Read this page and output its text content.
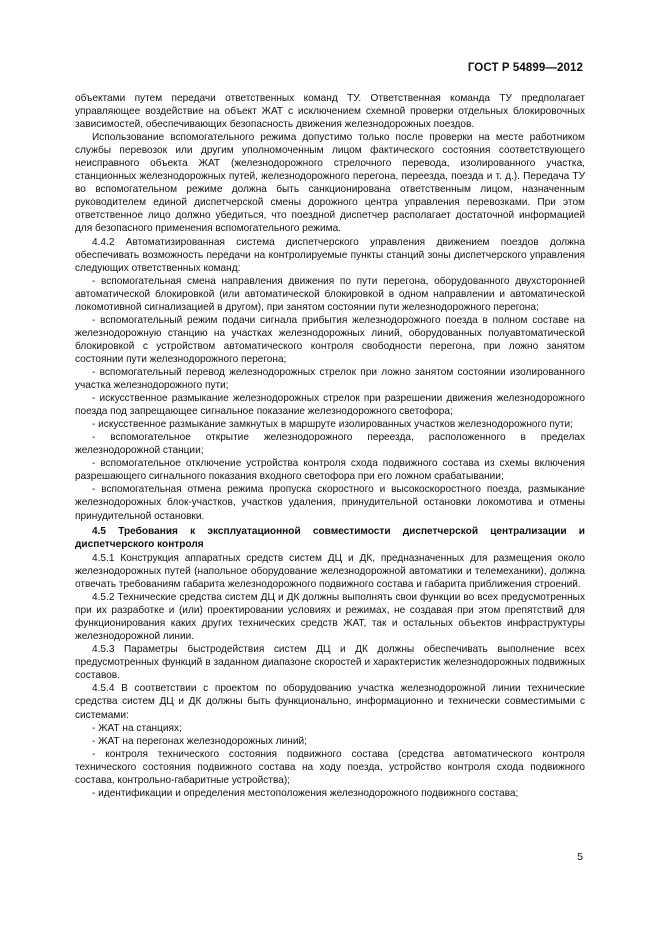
ГОСТ Р 54899—2012

объектами путем передачи ответственных команд ТУ. Ответственная команда ТУ предполагает управляющее воздействие на объект ЖАТ с исключением схемной проверки отдельных блокировочных зависимостей, обеспечивающих безопасность движения железнодорожных поездов.

Использование вспомогательного режима допустимо только после проверки на месте работником службы перевозок или другим уполномоченным лицом фактического состояния соответствующего неисправного объекта ЖАТ (железнодорожного стрелочного перевода, изолированного участка, станционных железнодорожных путей, железнодорожного перегона, переезда, поезда и т. д.). Передача ТУ во вспомогательном режиме должна быть санкционирована ответственным лицом, назначенным руководителем единой диспетчерской смены дорожного центра управления перевозками. При этом ответственное лицо должно убедиться, что поездной диспетчер располагает достаточной информацией для безопасного применения вспомогательного режима.

4.4.2 Автоматизированная система диспетчерского управления движением поездов должна обеспечивать возможность передачи на контролируемые пункты станций зоны диспетчерского управления следующих ответственных команд:

- вспомогательная смена направления движения по пути перегона, оборудованного двухсторонней автоматической блокировкой (или автоматической блокировкой в одном направлении и автоматической локомотивной сигнализацией в другом), при занятом состоянии пути железнодорожного перегона;

- вспомогательный режим подачи сигнала прибытия железнодорожного поезда в полном составе на железнодорожную станцию на участках железнодорожных линий, оборудованных полуавтоматической блокировкой с устройством автоматического контроля свободности перегона, при ложно занятом состоянии пути железнодорожного перегона;

- вспомогательный перевод железнодорожных стрелок при ложно занятом состоянии изолированного участка железнодорожного пути;

- искусственное размыкание железнодорожных стрелок при разрешении движения железнодорожного поезда под запрещающее сигнальное показание железнодорожного светофора;

- искусственное размыкание замкнутых в маршруте изолированных участков железнодорожного пути;

- вспомогательное открытие железнодорожного переезда, расположенного в пределах железнодорожной станции;

- вспомогательное отключение устройства контроля схода подвижного состава из схемы включения разрешающего сигнального показания входного светофора при его ложном срабатывании;

- вспомогательная отмена режима пропуска скоростного и высокоскоростного поезда, размыкание железнодорожных блок-участков, участков удаления, принудительной остановки локомотива и отмены принудительной остановки.

4.5 Требования к эксплуатационной совместимости диспетчерской централизации и диспетчерского контроля

4.5.1 Конструкция аппаратных средств систем ДЦ и ДК, предназначенных для размещения около железнодорожных путей (напольное оборудование железнодорожной автоматики и телемеханики), должна отвечать требованиям габарита железнодорожного подвижного состава и габарита приближения строений.

4.5.2 Технические средства систем ДЦ и ДК должны выполнять свои функции во всех предусмотренных при их разработке и (или) проектировании условиях и режимах, не создавая при этом препятствий для функционирования каких других технических средств ЖАТ, так и остальных объектов инфраструктуры железнодорожной линии.

4.5.3 Параметры быстродействия систем ДЦ и ДК должны обеспечивать выполнение всех предусмотренных функций в заданном диапазоне скоростей и характеристик железнодорожных подвижных составов.

4.5.4 В соответствии с проектом по оборудованию участка железнодорожной линии технические средства систем ДЦ и ДК должны быть функционально, информационно и технически совместимыми с системами:

- ЖАТ на станциях;

- ЖАТ на перегонах железнодорожных линий;

- контроля технического состояния подвижного состава (средства автоматического контроля технического состояния подвижного состава на ходу поезда, устройство контроля схода подвижного состава, контрольно-габаритные устройства);

- идентификации и определения местоположения железнодорожного подвижного состава;

5
